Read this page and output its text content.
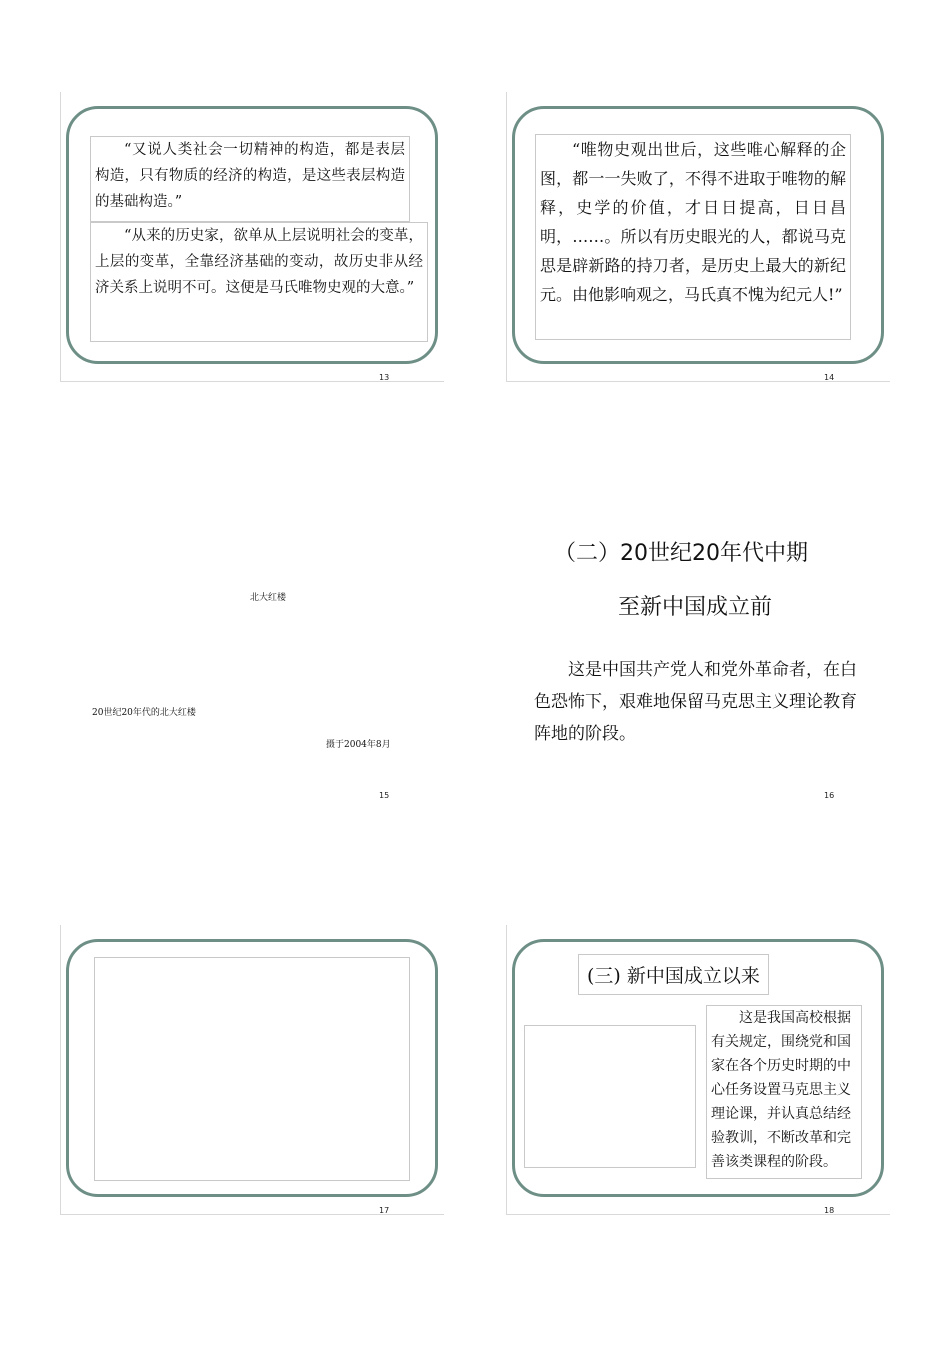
“又说人类社会一切精神的构造，都是表层构造，只有物质的经济的构造，是这些表层构造的基础构造。”
“从来的历史家，欲单从上层说明社会的变革，上层的变革，全靠经济基础的变动，故历史非从经济关系上说明不可。这便是马氏唯物史观的大意。”
13
“唯物史观出世后，这些唯心解释的企图，都一一失败了，不得不进取于唯物的解释，史学的价值，才日日提高，日日昌明，……。所以有历史眼光的人，都说马克思是辟新路的持刀者，是历史上最大的新纪元。由他影响观之，马氏真不愧为纪元人!”
14
北大红楼
20世纪20年代的北大红楼
摄于2004年8月
15
（二）20世纪20年代中期
至新中国成立前
这是中国共产党人和党外革命者，在白色恐怖下，艰难地保留马克思主义理论教育阵地的阶段。
16
17
(三) 新中国成立以来
这是我国高校根据有关规定，围绕党和国家在各个历史时期的中心任务设置马克思主义理论课，并认真总结经验教训，不断改革和完善该类课程的阶段。
18
